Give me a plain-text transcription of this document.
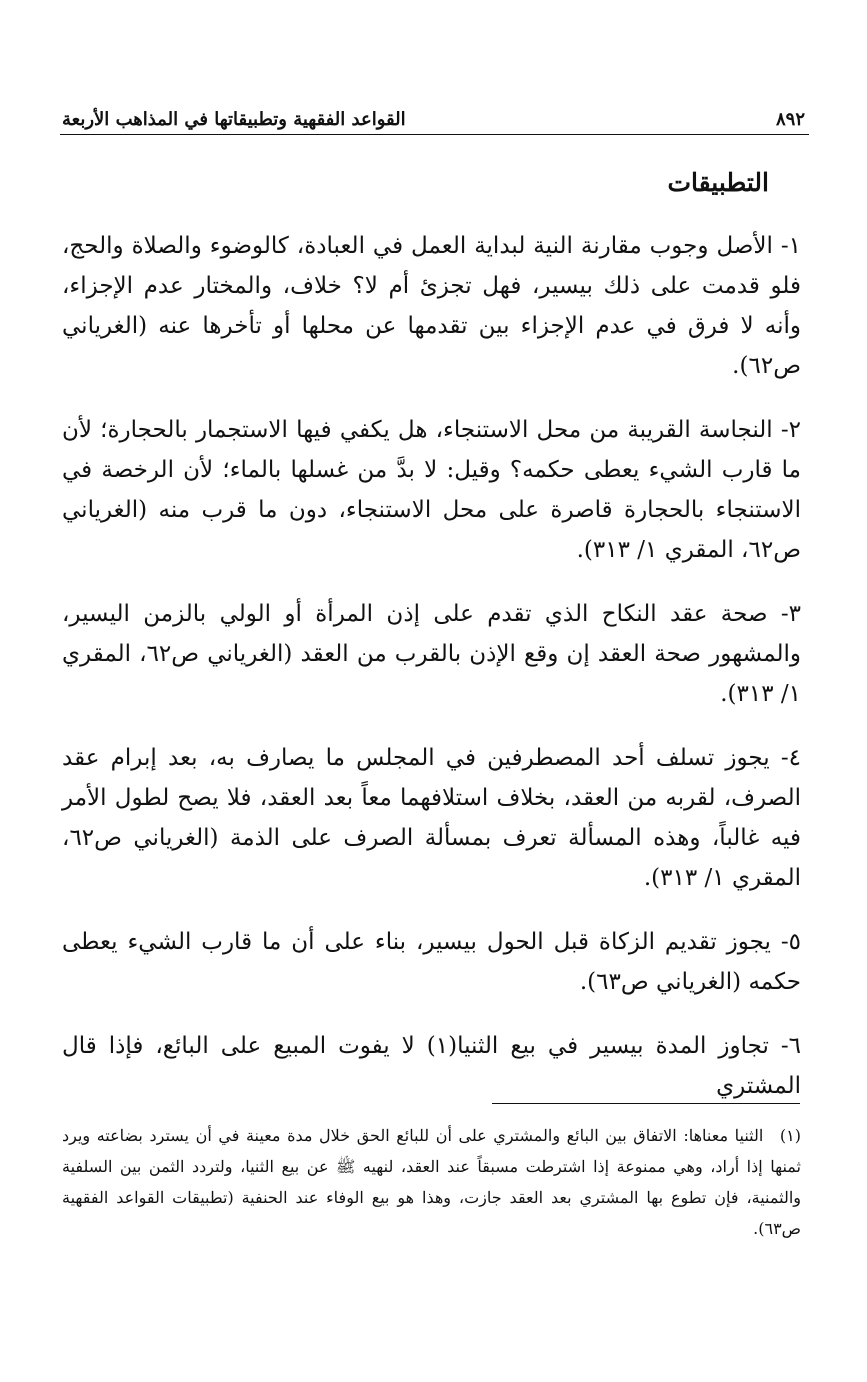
٨٩٢
القواعد الفقهية وتطبيقاتها في المذاهب الأربعة
التطبيقات

١- الأصل وجوب مقارنة النية لبداية العمل في العبادة، كالوضوء والصلاة والحج، فلو قدمت على ذلك بيسير، فهل تجزئ أم لا؟ خلاف، والمختار عدم الإجزاء، وأنه لا فرق في عدم الإجزاء بين تقدمها عن محلها أو تأخرها عنه (الغرياني ص٦٢).

٢- النجاسة القريبة من محل الاستنجاء، هل يكفي فيها الاستجمار بالحجارة؛ لأن ما قارب الشيء يعطى حكمه؟ وقيل: لا بدَّ من غسلها بالماء؛ لأن الرخصة في الاستنجاء بالحجارة قاصرة على محل الاستنجاء، دون ما قرب منه (الغرياني ص٦٢، المقري ١/ ٣١٣).

٣- صحة عقد النكاح الذي تقدم على إذن المرأة أو الولي بالزمن اليسير، والمشهور صحة العقد إن وقع الإذن بالقرب من العقد (الغرياني ص٦٢، المقري ١/ ٣١٣).

٤- يجوز تسلف أحد المصطرفين في المجلس ما يصارف به، بعد إبرام عقد الصرف، لقربه من العقد، بخلاف استلافهما معاً بعد العقد، فلا يصح لطول الأمر فيه غالباً، وهذه المسألة تعرف بمسألة الصرف على الذمة (الغرياني ص٦٢، المقري ١/ ٣١٣).

٥- يجوز تقديم الزكاة قبل الحول بيسير، بناء على أن ما قارب الشيء يعطى حكمه (الغرياني ص٦٣).

٦- تجاوز المدة بيسير في بيع الثنيا(١) لا يفوت المبيع على البائع، فإذا قال المشتري

(١) الثنيا معناها: الاتفاق بين البائع والمشتري على أن للبائع الحق خلال مدة معينة في أن يسترد بضاعته ويرد ثمنها إذا أراد، وهي ممنوعة إذا اشترطت مسبقاً عند العقد، لنهيه ﷺ عن بيع الثنيا، ولتردد الثمن بين السلفية والثمنية، فإن تطوع بها المشتري بعد العقد جازت، وهذا هو بيع الوفاء عند الحنفية (تطبيقات القواعد الفقهية ص٦٣).
